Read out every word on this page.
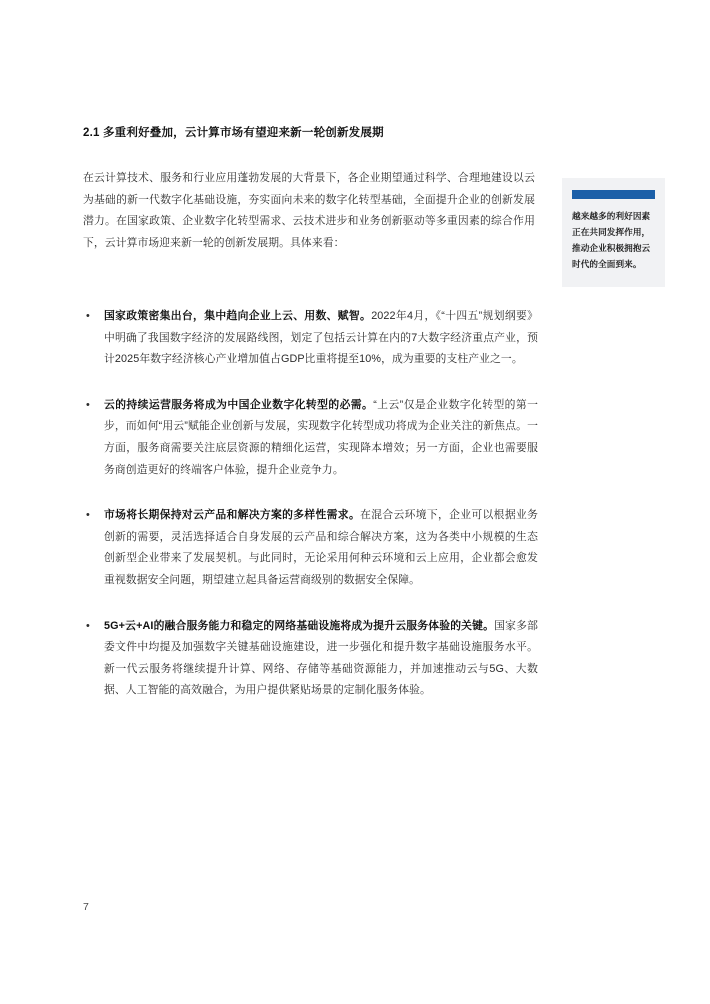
2.1 多重利好叠加，云计算市场有望迎来新一轮创新发展期
在云计算技术、服务和行业应用蓬勃发展的大背景下，各企业期望通过科学、合理地建设以云为基础的新一代数字化基础设施，夯实面向未来的数字化转型基础，全面提升企业的创新发展潜力。在国家政策、企业数字化转型需求、云技术进步和业务创新驱动等多重因素的综合作用下，云计算市场迎来新一轮的创新发展期。具体来看：
• 国家政策密集出台，集中趋向企业上云、用数、赋智。2022年4月，《“十四五”规划纲要》中明确了我国数字经济的发展路线图，划定了包括云计算在内的7大数字经济重点产业，预计2025年数字经济核心产业增加值占GDP比重将提至10%，成为重要的支柱产业之一。
• 云的持续运营服务将成为中国企业数字化转型的必需。“上云”仅是企业数字化转型的第一步，而如何“用云”赋能企业创新与发展，实现数字化转型成功将成为企业关注的新焦点。一方面，服务商需要关注底层资源的精细化运营，实现降本增效；另一方面，企业也需要服务商创造更好的终端客户体验，提升企业竞争力。
• 市场将长期保持对云产品和解决方案的多样性需求。在混合云环境下，企业可以根据业务创新的需要，灵活选择适合自身发展的云产品和综合解决方案，这为各类中小规模的生态创新型企业带来了发展契机。与此同时，无论采用何种云环境和云上应用，企业都会愈发重视数据安全问题，期望建立起具备运营商级别的数据安全保障。
• 5G+云+AI的融合服务能力和稳定的网络基础设施将成为提升云服务体验的关键。国家多部委文件中均提及加强数字关键基础设施建设，进一步强化和提升数字基础设施服务水平。新一代云服务将继续提升计算、网络、存储等基础资源能力，并加速推动云与5G、大数据、人工智能的高效融合，为用户提供紧贴场景的定制化服务体验。
越来越多的利好因素正在共同发挥作用，推动企业积极拥抱云时代的全面到来。
7
